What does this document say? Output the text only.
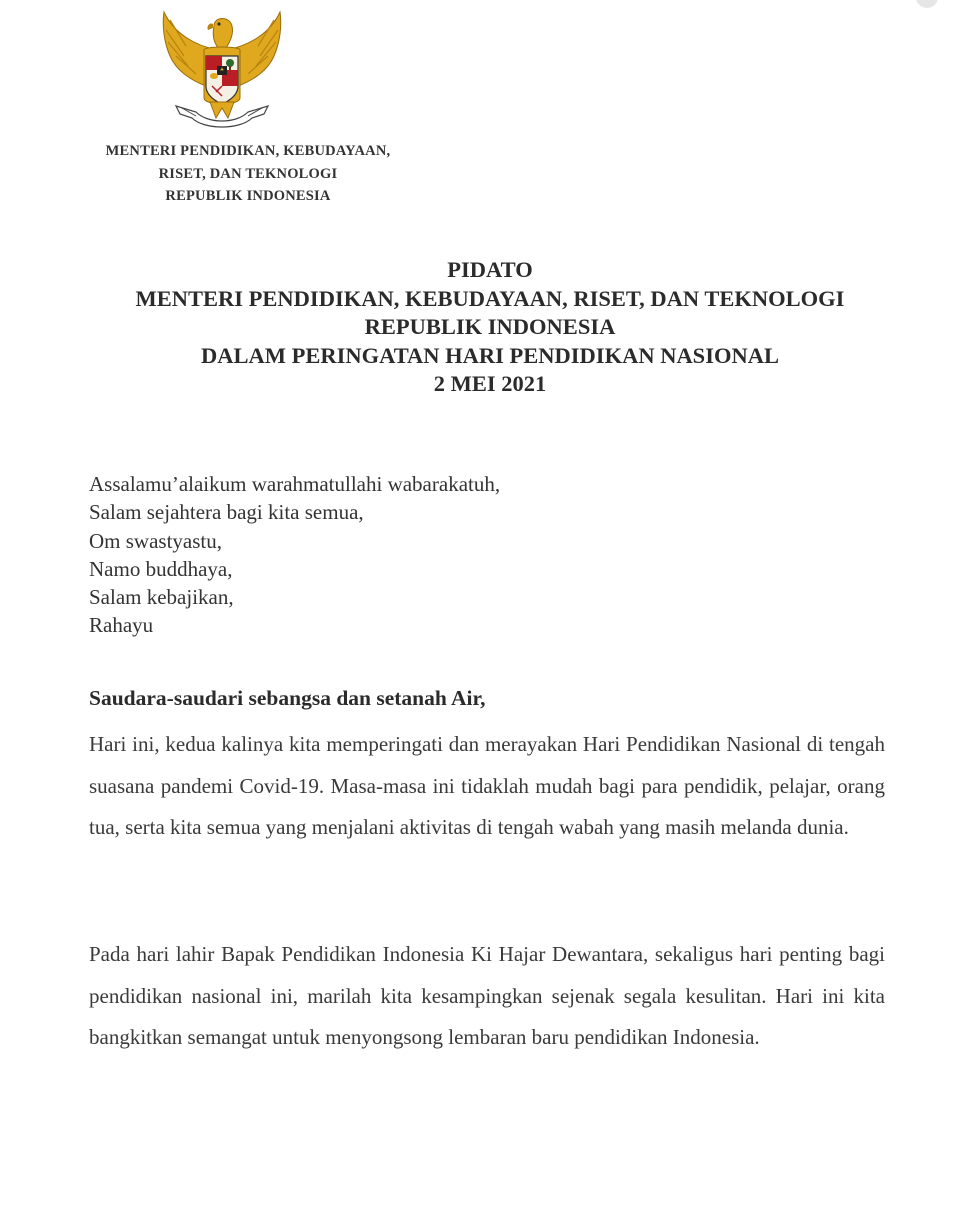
MENTERI PENDIDIKAN, KEBUDAYAAN,
RISET, DAN TEKNOLOGI
REPUBLIK INDONESIA
PIDATO
MENTERI PENDIDIKAN, KEBUDAYAAN, RISET, DAN TEKNOLOGI
REPUBLIK INDONESIA
DALAM PERINGATAN HARI PENDIDIKAN NASIONAL
2 MEI 2021
Assalamu’alaikum warahmatullahi wabarakatuh,
Salam sejahtera bagi kita semua,
Om swastyastu,
Namo buddhaya,
Salam kebajikan,
Rahayu
Saudara-saudari sebangsa dan setanah Air,
Hari ini, kedua kalinya kita memperingati dan merayakan Hari Pendidikan Nasional di tengah suasana pandemi Covid-19. Masa-masa ini tidaklah mudah bagi para pendidik, pelajar, orang tua, serta kita semua yang menjalani aktivitas di tengah wabah yang masih melanda dunia.
Pada hari lahir Bapak Pendidikan Indonesia Ki Hajar Dewantara, sekaligus hari penting bagi pendidikan nasional ini, marilah kita kesampingkan sejenak segala kesulitan. Hari ini kita bangkitkan semangat untuk menyongsong lembaran baru pendidikan Indonesia.
